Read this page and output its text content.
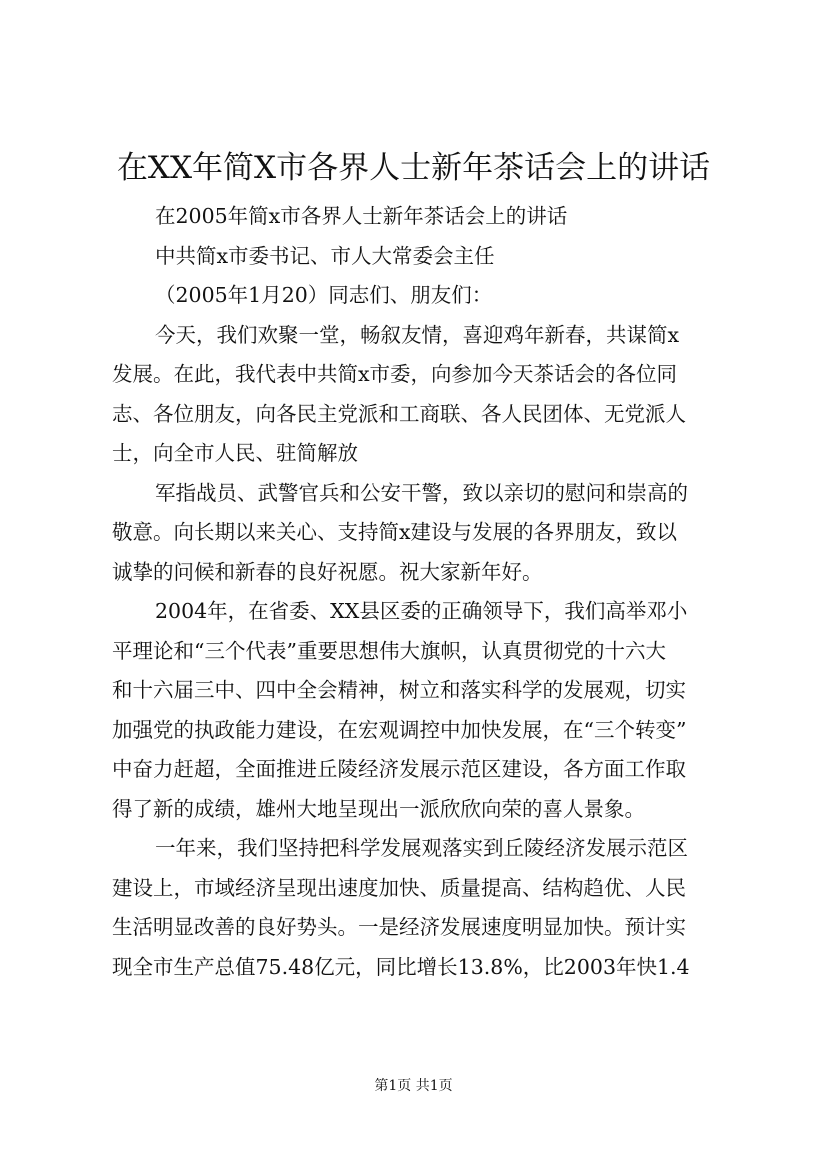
在XX年简X市各界人士新年茶话会上的讲话
在2005年简x市各界人士新年茶话会上的讲话
中共简x市委书记、市人大常委会主任
（2005年1月20）同志们、朋友们：
今天，我们欢聚一堂，畅叙友情，喜迎鸡年新春，共谋简x
发展。在此，我代表中共简x市委，向参加今天茶话会的各位同
志、各位朋友，向各民主党派和工商联、各人民团体、无党派人
士，向全市人民、驻简解放
军指战员、武警官兵和公安干警，致以亲切的慰问和崇高的
敬意。向长期以来关心、支持简x建设与发展的各界朋友，致以
诚挚的问候和新春的良好祝愿。祝大家新年好。
2004年，在省委、XX县区委的正确领导下，我们高举邓小
平理论和“三个代表”重要思想伟大旗帜，认真贯彻党的十六大
和十六届三中、四中全会精神，树立和落实科学的发展观，切实
加强党的执政能力建设，在宏观调控中加快发展，在“三个转变”
中奋力赶超，全面推进丘陵经济发展示范区建设，各方面工作取
得了新的成绩，雄州大地呈现出一派欣欣向荣的喜人景象。
一年来，我们坚持把科学发展观落实到丘陵经济发展示范区
建设上，市域经济呈现出速度加快、质量提高、结构趋优、人民
生活明显改善的良好势头。一是经济发展速度明显加快。预计实
现全市生产总值75.48亿元，同比增长13.8%，比2003年快1.4
第1页 共1页
